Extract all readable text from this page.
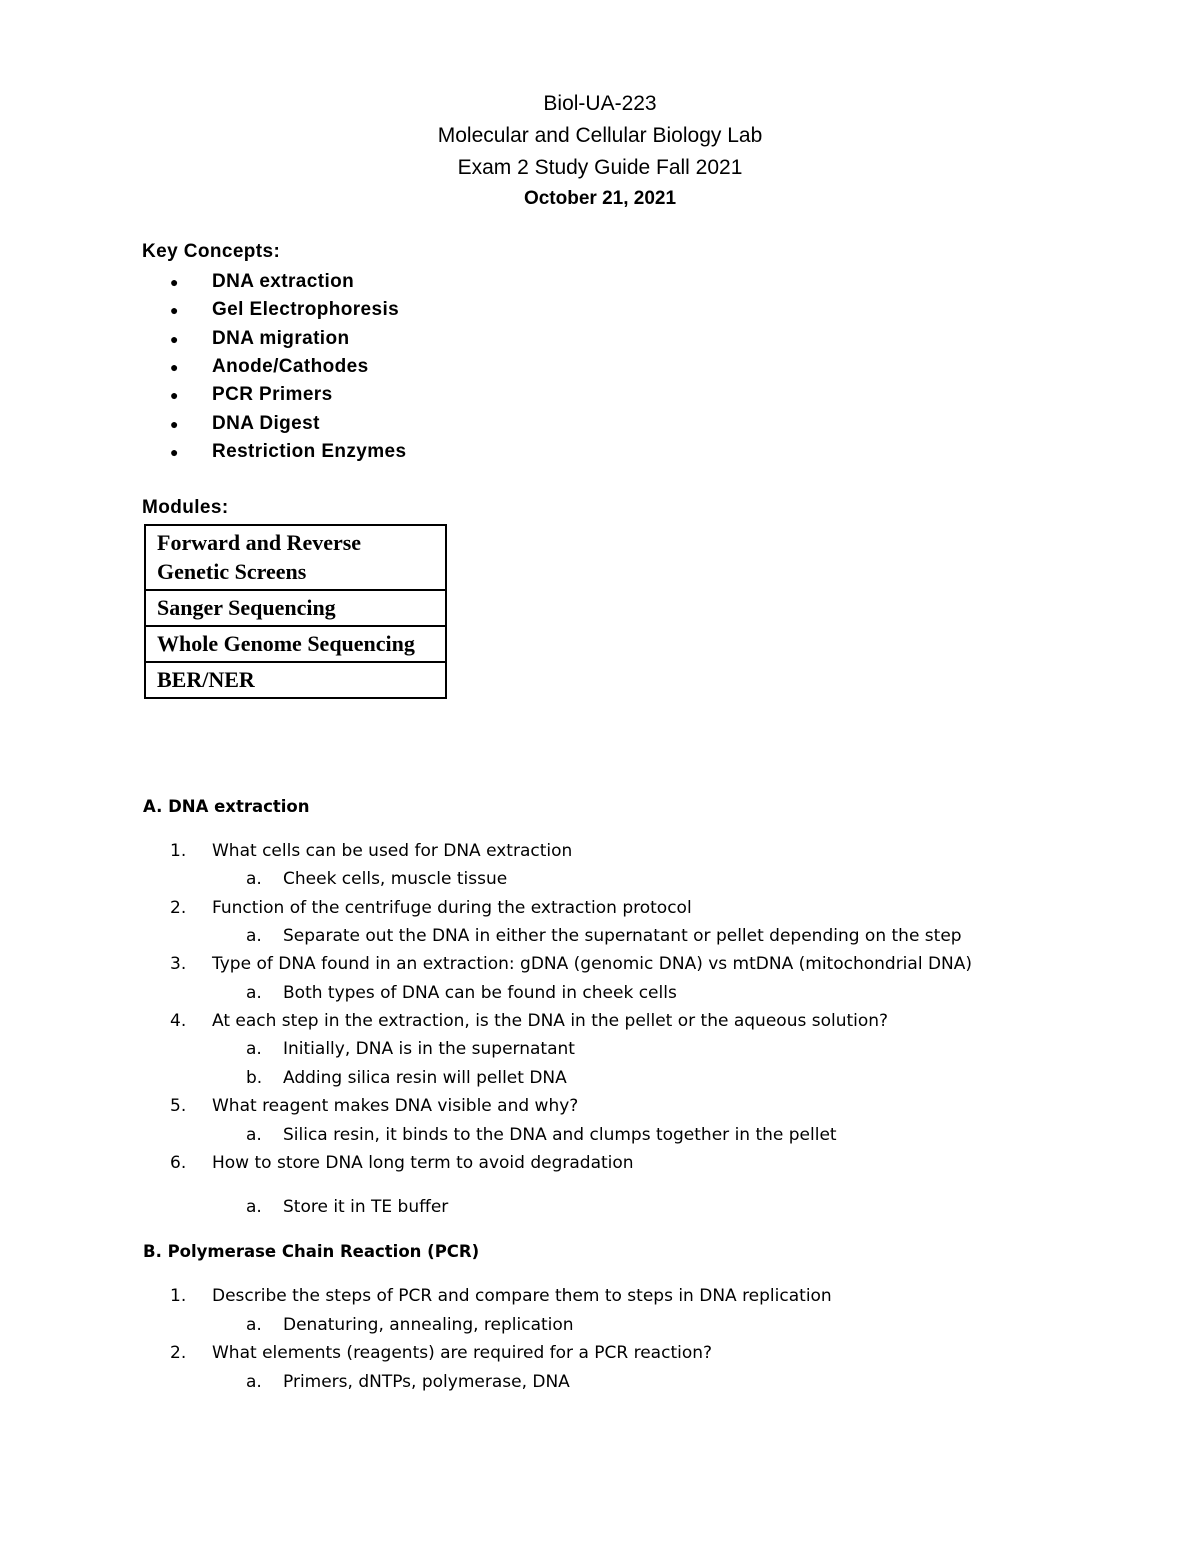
Biol-UA-223
Molecular and Cellular Biology Lab
Exam 2 Study Guide Fall 2021
October 21, 2021
Key Concepts:
●	DNA extraction
●	Gel Electrophoresis
●	DNA migration
●	Anode/Cathodes
●	PCR Primers
●	DNA Digest
●	Restriction Enzymes
Modules:
Forward and Reverse Genetic Screens
Sanger Sequencing
Whole Genome Sequencing
BER/NER
A. DNA extraction
1. What cells can be used for DNA extraction
a. Cheek cells, muscle tissue
2. Function of the centrifuge during the extraction protocol
a. Separate out the DNA in either the supernatant or pellet depending on the step
3. Type of DNA found in an extraction: gDNA (genomic DNA) vs mtDNA (mitochondrial DNA)
a. Both types of DNA can be found in cheek cells
4. At each step in the extraction, is the DNA in the pellet or the aqueous solution?
a. Initially, DNA is in the supernatant
b. Adding silica resin will pellet DNA
5. What reagent makes DNA visible and why?
a. Silica resin, it binds to the DNA and clumps together in the pellet
6. How to store DNA long term to avoid degradation
a. Store it in TE buffer
B. Polymerase Chain Reaction (PCR)
1. Describe the steps of PCR and compare them to steps in DNA replication
a. Denaturing, annealing, replication
2. What elements (reagents) are required for a PCR reaction?
a. Primers, dNTPs, polymerase, DNA
